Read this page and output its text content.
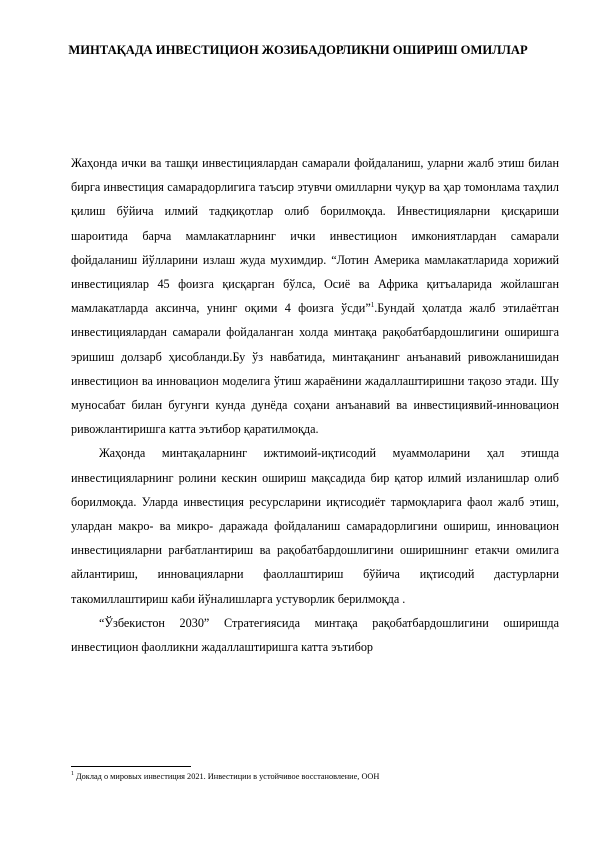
МИНТАҚАДА ИНВЕСТИЦИОН ЖОЗИБАДОРЛИКНИ ОШИРИШ ОМИЛЛАР

Жаҳонда ички ва ташқи инвестициялардан самарали фойдаланиш, уларни жалб этиш билан бирга инвестиция самарадорлигига таъсир этувчи омилларни чуқур ва ҳар томонлама таҳлил қилиш бўйича илмий тадқиқотлар олиб борилмоқда. Инвестицияларни қисқариши шароитида барча мамлакатларнинг ички инвестицион имкониятлардан самарали фойдаланиш йўлларини излаш жуда мухимдир. “Лотин Америка мамлакатларида хорижий инвестициялар 45 фоизга қисқарган бўлса, Осиё ва Африка қитъаларида жойлашган мамлакатларда аксинча, унинг оқими 4 фоизга ўсди”$^1$.Бундай ҳолатда жалб этилаётган инвестициялардан самарали фойдаланган холда минтақа рақобатбардошлигини оширишга эришиш долзарб ҳисобланди.Бу ўз навбатида, минтақанинг анъанавий ривожланишидан инвестицион ва инновацион моделига ўтиш жараёнини жадаллаштиришни тақозо этади. Шу муносабат билан бугунги кунда дунёда соҳани анъанавий ва инвестициявий-инновацион ривожлантиришга катта эътибор қаратилмоқда.

Жаҳонда минтақаларнинг ижтимоий-иқтисодий муаммоларини ҳал этишда инвестицияларнинг ролини кескин ошириш мақсадида бир қатор илмий изланишлар олиб борилмоқда. Уларда инвестиция ресурсларини иқтисодиёт тармоқларига фаол жалб этиш, улардан макро- ва микро- даражада фойдаланиш самарадорлигини ошириш, инновацион инвестицияларни рағбатлантириш ва рақобатбардошлигини оширишнинг етакчи омилига айлантириш, инновацияларни фаоллаштириш бўйича иқтисодий дастурларни такомиллаштириш каби йўналишларга устуворлик берилмоқда .

“Ўзбекистон 2030” Стратегиясида минтақа рақобатбардошлигини оширишда инвестицион фаолликни жадаллаштиришга катта эътибор

$^1$ Доклад о мировых инвестиция 2021. Инвестиции в устойчивое восстановление, ООН
